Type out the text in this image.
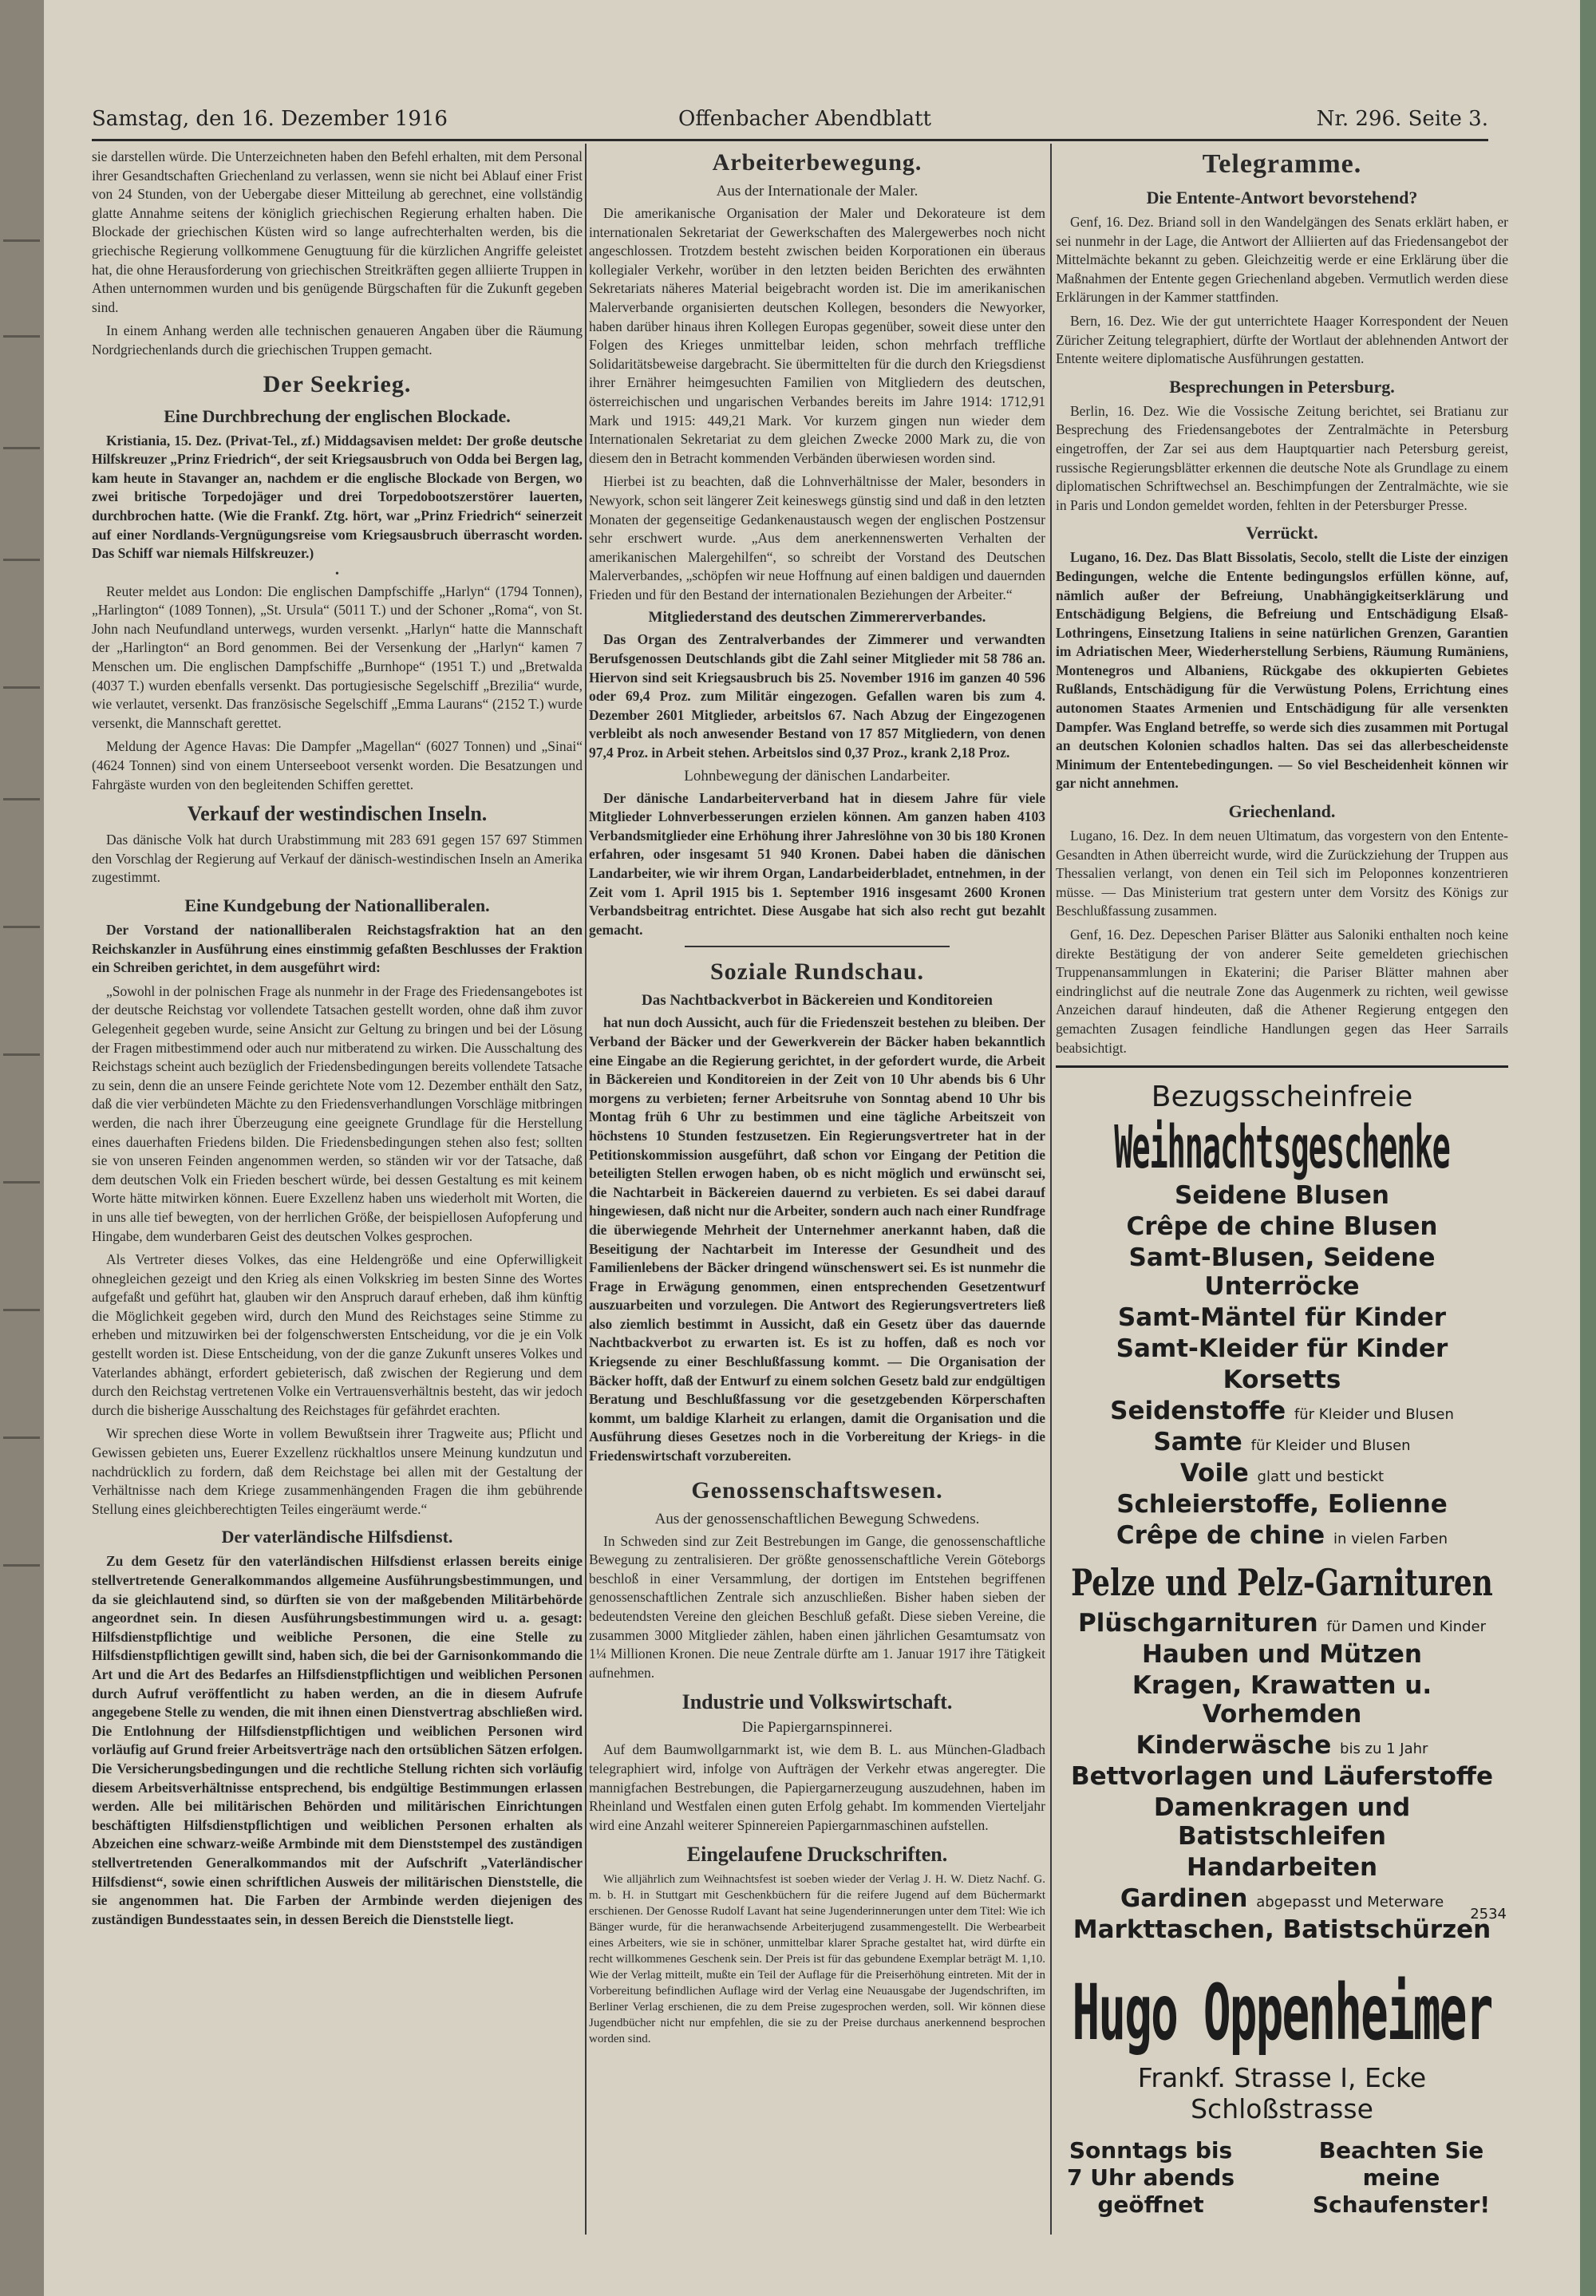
Samstag, den 16. Dezember 1916	Offenbacher Abendblatt	Nr. 296. Seite 3.

sie darstellen würde. Die Unterzeichneten haben den Befehl erhalten, mit dem Personal ihrer Gesandtschaften Griechenland zu verlassen, wenn sie nicht bei Ablauf einer Frist von 24 Stunden, von der Uebergabe dieser Mitteilung ab gerechnet, eine vollständig glatte Annahme seitens der königlich griechischen Regierung erhalten haben. Die Blockade der griechischen Küsten wird so lange aufrechterhalten werden, bis die griechische Regierung vollkommene Genugtuung für die kürzlichen Angriffe geleistet hat, die ohne Herausforderung von griechischen Streitkräften gegen alliierte Truppen in Athen unternommen wurden und bis genügende Bürgschaften für die Zukunft gegeben sind.

In einem Anhang werden alle technischen genaueren Angaben über die Räumung Nordgriechenlands durch die griechischen Truppen gemacht.

Der Seekrieg.
Eine Durchbrechung der englischen Blockade.

Kristiania, 15. Dez. (Privat-Tel., zf.) Middagsavisen meldet: Der große deutsche Hilfskreuzer „Prinz Friedrich“, der seit Kriegsausbruch von Odda bei Bergen lag, kam heute in Stavanger an, nachdem er die englische Blockade von Bergen, wo zwei britische Torpedojäger und drei Torpedobootszerstörer lauerten, durchbrochen hatte. (Wie die Frankf. Ztg. hört, war „Prinz Friedrich“ seinerzeit auf einer Nordlands-Vergnügungsreise vom Kriegsausbruch überrascht worden. Das Schiff war niemals Hilfskreuzer.)

•

Reuter meldet aus London: Die englischen Dampfschiffe „Harlyn“ (1794 Tonnen), „Harlington“ (1089 Tonnen), „St. Ursula“ (5011 T.) und der Schoner „Roma“, von St. John nach Neufundland unterwegs, wurden versenkt. „Harlyn“ hatte die Mannschaft der „Harlington“ an Bord genommen. Bei der Versenkung der „Harlyn“ kamen 7 Menschen um. Die englischen Dampfschiffe „Burnhope“ (1951 T.) und „Bretwalda (4037 T.) wurden ebenfalls versenkt. Das portugiesische Segelschiff „Brezilia“ wurde, wie verlautet, versenkt. Das französische Segelschiff „Emma Laurans“ (2152 T.) wurde versenkt, die Mannschaft gerettet.

Meldung der Agence Havas: Die Dampfer „Magellan“ (6027 Tonnen) und „Sinai“ (4624 Tonnen) sind von einem Unterseeboot versenkt worden. Die Besatzungen und Fahrgäste wurden von den begleitenden Schiffen gerettet.

Verkauf der westindischen Inseln.

Das dänische Volk hat durch Urabstimmung mit 283 691 gegen 157 697 Stimmen den Vorschlag der Regierung auf Verkauf der dänisch-westindischen Inseln an Amerika zugestimmt.

Eine Kundgebung der Nationalliberalen.

Der Vorstand der nationalliberalen Reichstagsfraktion hat an den Reichskanzler in Ausführung eines einstimmig gefaßten Beschlusses der Fraktion ein Schreiben gerichtet, in dem ausgeführt wird:

„Sowohl in der polnischen Frage als nunmehr in der Frage des Friedensangebotes ist der deutsche Reichstag vor vollendete Tatsachen gestellt worden, ohne daß ihm zuvor Gelegenheit gegeben wurde, seine Ansicht zur Geltung zu bringen und bei der Lösung der Fragen mitbestimmend oder auch nur mitberatend zu wirken. Die Ausschaltung des Reichstags scheint auch bezüglich der Friedensbedingungen bereits vollendete Tatsache zu sein, denn die an unsere Feinde gerichtete Note vom 12. Dezember enthält den Satz, daß die vier verbündeten Mächte zu den Friedensverhandlungen Vorschläge mitbringen werden, die nach ihrer Überzeugung eine geeignete Grundlage für die Herstellung eines dauerhaften Friedens bilden. Die Friedensbedingungen stehen also fest; sollten sie von unseren Feinden angenommen werden, so ständen wir vor der Tatsache, daß dem deutschen Volk ein Frieden beschert würde, bei dessen Gestaltung es mit keinem Worte hätte mitwirken können. Euere Exzellenz haben uns wiederholt mit Worten, die in uns alle tief bewegten, von der herrlichen Größe, der beispiellosen Aufopferung und Hingabe, dem wunderbaren Geist des deutschen Volkes gesprochen.

Als Vertreter dieses Volkes, das eine Heldengröße und eine Opferwilligkeit ohnegleichen gezeigt und den Krieg als einen Volkskrieg im besten Sinne des Wortes aufgefaßt und geführt hat, glauben wir den Anspruch darauf erheben, daß ihm künftig die Möglichkeit gegeben wird, durch den Mund des Reichstages seine Stimme zu erheben und mitzuwirken bei der folgenschwersten Entscheidung, vor die je ein Volk gestellt worden ist. Diese Entscheidung, von der die ganze Zukunft unseres Volkes und Vaterlandes abhängt, erfordert gebieterisch, daß zwischen der Regierung und dem durch den Reichstag vertretenen Volke ein Vertrauensverhältnis besteht, das wir jedoch durch die bisherige Ausschaltung des Reichstages für gefährdet erachten.

Wir sprechen diese Worte in vollem Bewußtsein ihrer Tragweite aus; Pflicht und Gewissen gebieten uns, Euerer Exzellenz rückhaltlos unsere Meinung kundzutun und nachdrücklich zu fordern, daß dem Reichstage bei allen mit der Gestaltung der Verhältnisse nach dem Kriege zusammenhängenden Fragen die ihm gebührende Stellung eines gleichberechtigten Teiles eingeräumt werde.“

Der vaterländische Hilfsdienst.

Zu dem Gesetz für den vaterländischen Hilfsdienst erlassen bereits einige stellvertretende Generalkommandos allgemeine Ausführungsbestimmungen, und da sie gleichlautend sind, so dürften sie von der maßgebenden Militärbehörde angeordnet sein. In diesen Ausführungsbestimmungen wird u. a. gesagt: Hilfsdienstpflichtige und weibliche Personen, die eine Stelle zu Hilfsdienstpflichtigen gewillt sind, haben sich, die bei der Garnisonkommando die Art und die Art des Bedarfes an Hilfsdienstpflichtigen und weiblichen Personen durch Aufruf veröffentlicht zu haben werden, an die in diesem Aufrufe angegebene Stelle zu wenden, die mit ihnen einen Dienstvertrag abschließen wird. Die Entlohnung der Hilfsdienstpflichtigen und weiblichen Personen wird vorläufig auf Grund freier Arbeitsverträge nach den ortsüblichen Sätzen erfolgen. Die Versicherungsbedingungen und die rechtliche Stellung richten sich vorläufig diesem Arbeitsverhältnisse entsprechend, bis endgültige Bestimmungen erlassen werden. Alle bei militärischen Behörden und militärischen Einrichtungen beschäftigten Hilfsdienstpflichtigen und weiblichen Personen erhalten als Abzeichen eine schwarz-weiße Armbinde mit dem Dienststempel des zuständigen stellvertretenden Generalkommandos mit der Aufschrift „Vaterländischer Hilfsdienst“, sowie einen schriftlichen Ausweis der militärischen Dienststelle, die sie angenommen hat. Die Farben der Armbinde werden diejenigen des zuständigen Bundesstaates sein, in dessen Bereich die Dienststelle liegt.

Arbeiterbewegung.
Aus der Internationale der Maler.

Die amerikanische Organisation der Maler und Dekorateure ist dem internationalen Sekretariat der Gewerkschaften des Malergewerbes noch nicht angeschlossen. Trotzdem besteht zwischen beiden Korporationen ein überaus kollegialer Verkehr, worüber in den letzten beiden Berichten des erwähnten Sekretariats näheres Material beigebracht worden ist. Die im amerikanischen Malerverbande organisierten deutschen Kollegen, besonders die Newyorker, haben darüber hinaus ihren Kollegen Europas gegenüber, soweit diese unter den Folgen des Krieges unmittelbar leiden, schon mehrfach treffliche Solidaritätsbeweise dargebracht. Sie übermittelten für die durch den Kriegsdienst ihrer Ernährer heimgesuchten Familien von Mitgliedern des deutschen, österreichischen und ungarischen Verbandes bereits im Jahre 1914: 1712,91 Mark und 1915: 449,21 Mark. Vor kurzem gingen nun wieder dem Internationalen Sekretariat zu dem gleichen Zwecke 2000 Mark zu, die von diesem den in Betracht kommenden Verbänden überwiesen worden sind.

Hierbei ist zu beachten, daß die Lohnverhältnisse der Maler, besonders in Newyork, schon seit längerer Zeit keineswegs günstig sind und daß in den letzten Monaten der gegenseitige Gedankenaustausch wegen der englischen Postzensur sehr erschwert wurde. „Aus dem anerkennenswerten Verhalten der amerikanischen Malergehilfen“, so schreibt der Vorstand des Deutschen Malerverbandes, „schöpfen wir neue Hoffnung auf einen baldigen und dauernden Frieden und für den Bestand der internationalen Beziehungen der Arbeiter.“

Mitgliederstand des deutschen Zimmererverbandes.

Das Organ des Zentralverbandes der Zimmerer und verwandten Berufsgenossen Deutschlands gibt die Zahl seiner Mitglieder mit 58 786 an. Hiervon sind seit Kriegsausbruch bis 25. November 1916 im ganzen 40 596 oder 69,4 Proz. zum Militär eingezogen. Gefallen waren bis zum 4. Dezember 2601 Mitglieder, arbeitslos 67. Nach Abzug der Eingezogenen verbleibt als noch anwesender Bestand von 17 857 Mitgliedern, von denen 97,4 Proz. in Arbeit stehen. Arbeitslos sind 0,37 Proz., krank 2,18 Proz.

Lohnbewegung der dänischen Landarbeiter.

Der dänische Landarbeiterverband hat in diesem Jahre für viele Mitglieder Lohnverbesserungen erzielen können. Am ganzen haben 4103 Verbandsmitglieder eine Erhöhung ihrer Jahreslöhne von 30 bis 180 Kronen erfahren, oder insgesamt 51 940 Kronen. Dabei haben die dänischen Landarbeiter, wie wir ihrem Organ, Landarbeiderbladet, entnehmen, in der Zeit vom 1. April 1915 bis 1. September 1916 insgesamt 2600 Kronen Verbandsbeitrag entrichtet. Diese Ausgabe hat sich also recht gut bezahlt gemacht.

Soziale Rundschau.
Das Nachtbackverbot in Bäckereien und Konditoreien

hat nun doch Aussicht, auch für die Friedenszeit bestehen zu bleiben. Der Verband der Bäcker und der Gewerkverein der Bäcker haben bekanntlich eine Eingabe an die Regierung gerichtet, in der gefordert wurde, die Arbeit in Bäckereien und Konditoreien in der Zeit von 10 Uhr abends bis 6 Uhr morgens zu verbieten; ferner Arbeitsruhe von Sonntag abend 10 Uhr bis Montag früh 6 Uhr zu bestimmen und eine tägliche Arbeitszeit von höchstens 10 Stunden festzusetzen. Ein Regierungsvertreter hat in der Petitionskommission ausgeführt, daß schon vor Eingang der Petition die beteiligten Stellen erwogen haben, ob es nicht möglich und erwünscht sei, die Nachtarbeit in Bäckereien dauernd zu verbieten. Es sei dabei darauf hingewiesen, daß nicht nur die Arbeiter, sondern auch nach einer Rundfrage die überwiegende Mehrheit der Unternehmer anerkannt haben, daß die Beseitigung der Nachtarbeit im Interesse der Gesundheit und des Familienlebens der Bäcker dringend wünschenswert sei. Es ist nunmehr die Frage in Erwägung genommen, einen entsprechenden Gesetzentwurf auszuarbeiten und vorzulegen. Die Antwort des Regierungsvertreters ließ also ziemlich bestimmt in Aussicht, daß ein Gesetz über das dauernde Nachtbackverbot zu erwarten ist. Es ist zu hoffen, daß es noch vor Kriegsende zu einer Beschlußfassung kommt. — Die Organisation der Bäcker hofft, daß der Entwurf zu einem solchen Gesetz bald zur endgültigen Beratung und Beschlußfassung vor die gesetzgebenden Körperschaften kommt, um baldige Klarheit zu erlangen, damit die Organisation und die Ausführung dieses Gesetzes noch in die Vorbereitung der Kriegs- in die Friedenswirtschaft vorzubereiten.

Genossenschaftswesen.
Aus der genossenschaftlichen Bewegung Schwedens.

In Schweden sind zur Zeit Bestrebungen im Gange, die genossenschaftliche Bewegung zu zentralisieren. Der größte genossenschaftliche Verein Göteborgs beschloß in einer Versammlung, der dortigen im Entstehen begriffenen genossenschaftlichen Zentrale sich anzuschließen. Bisher haben sieben der bedeutendsten Vereine den gleichen Beschluß gefaßt. Diese sieben Vereine, die zusammen 3000 Mitglieder zählen, haben einen jährlichen Gesamtumsatz von 1¼ Millionen Kronen. Die neue Zentrale dürfte am 1. Januar 1917 ihre Tätigkeit aufnehmen.

Industrie und Volkswirtschaft.
Die Papiergarnspinnerei.

Auf dem Baumwollgarnmarkt ist, wie dem B. L. aus München-Gladbach telegraphiert wird, infolge von Aufträgen der Verkehr etwas angeregter. Die mannigfachen Bestrebungen, die Papiergarnerzeugung auszudehnen, haben im Rheinland und Westfalen einen guten Erfolg gehabt. Im kommenden Vierteljahr wird eine Anzahl weiterer Spinnereien Papiergarnmaschinen aufstellen.

Eingelaufene Druckschriften.

Wie alljährlich zum Weihnachtsfest ist soeben wieder der Verlag J. H. W. Dietz Nachf. G. m. b. H. in Stuttgart mit Geschenkbüchern für die reifere Jugend auf dem Büchermarkt erschienen. Der Genosse Rudolf Lavant hat seine Jugenderinnerungen unter dem Titel: Wie ich Bänger wurde, für die heranwachsende Arbeiterjugend zusammengestellt. Die Werbearbeit eines Arbeiters, wie sie in schöner, unmittelbar klarer Sprache gestaltet hat, wird dürfte ein recht willkommenes Geschenk sein. Der Preis ist für das gebundene Exemplar beträgt M. 1,10. Wie der Verlag mitteilt, mußte ein Teil der Auflage für die Preiserhöhung eintreten. Mit der in Vorbereitung befindlichen Auflage wird der Verlag eine Neuausgabe der Jugendschriften, im Berliner Verlag erschienen, die zu dem Preise zugesprochen werden, soll. Wir können diese Jugendbücher nicht nur empfehlen, die sie zu der Preise durchaus anerkennend besprochen worden sind.

Telegramme.
Die Entente-Antwort bevorstehend?

Genf, 16. Dez. Briand soll in den Wandelgängen des Senats erklärt haben, er sei nunmehr in der Lage, die Antwort der Alliierten auf das Friedensangebot der Mittelmächte bekannt zu geben. Gleichzeitig werde er eine Erklärung über die Maßnahmen der Entente gegen Griechenland abgeben. Vermutlich werden diese Erklärungen in der Kammer stattfinden.

Bern, 16. Dez. Wie der gut unterrichtete Haager Korrespondent der Neuen Züricher Zeitung telegraphiert, dürfte der Wortlaut der ablehnenden Antwort der Entente weitere diplomatische Ausführungen gestatten.

Besprechungen in Petersburg.

Berlin, 16. Dez. Wie die Vossische Zeitung berichtet, sei Bratianu zur Besprechung des Friedensangebotes der Zentralmächte in Petersburg eingetroffen, der Zar sei aus dem Hauptquartier nach Petersburg gereist, russische Regierungsblätter erkennen die deutsche Note als Grundlage zu einem diplomatischen Schriftwechsel an. Beschimpfungen der Zentralmächte, wie sie in Paris und London gemeldet worden, fehlten in der Petersburger Presse.

Verrückt.

Lugano, 16. Dez. Das Blatt Bissolatis, Secolo, stellt die Liste der einzigen Bedingungen, welche die Entente bedingungslos erfüllen könne, auf, nämlich außer der Befreiung, Unabhängigkeitserklärung und Entschädigung Belgiens, die Befreiung und Entschädigung Elsaß-Lothringens, Einsetzung Italiens in seine natürlichen Grenzen, Garantien im Adriatischen Meer, Wiederherstellung Serbiens, Räumung Rumäniens, Montenegros und Albaniens, Rückgabe des okkupierten Gebietes Rußlands, Entschädigung für die Verwüstung Polens, Errichtung eines autonomen Staates Armenien und Entschädigung für alle versenkten Dampfer. Was England betreffe, so werde sich dies zusammen mit Portugal an deutschen Kolonien schadlos halten. Das sei das allerbescheidenste Minimum der Ententebedingungen. — So viel Bescheidenheit können wir gar nicht annehmen.

Griechenland.

Lugano, 16. Dez. In dem neuen Ultimatum, das vorgestern von den Entente-Gesandten in Athen überreicht wurde, wird die Zurückziehung der Truppen aus Thessalien verlangt, von denen ein Teil sich im Peloponnes konzentrieren müsse. — Das Ministerium trat gestern unter dem Vorsitz des Königs zur Beschlußfassung zusammen.

Genf, 16. Dez. Depeschen Pariser Blätter aus Saloniki enthalten noch keine direkte Bestätigung der von anderer Seite gemeldeten griechischen Truppenansammlungen in Ekaterini; die Pariser Blätter mahnen aber eindringlichst auf die neutrale Zone das Augenmerk zu richten, weil gewisse Anzeichen darauf hindeuten, daß die Athener Regierung entgegen den gemachten Zusagen feindliche Handlungen gegen das Heer Sarrails beabsichtigt.

Bezugsscheinfreie
Weihnachtsgeschenke
Seidene Blusen
Crêpe de chine Blusen
Samt-Blusen, Seidene Unterröcke
Samt-Mäntel für Kinder
Samt-Kleider für Kinder
Korsetts
Seidenstoffe für Kleider und Blusen
Samte für Kleider und Blusen
Voile glatt und bestickt
Schleierstoffe, Eolienne
Crêpe de chine in vielen Farben
Pelze und Pelz-Garnituren
Plüschgarnituren für Damen und Kinder
Hauben und Mützen
Kragen, Krawatten u. Vorhemden
Kinderwäsche bis zu 1 Jahr
Bettvorlagen und Läuferstoffe
Damenkragen und Batistschleifen
Handarbeiten
Gardinen abgepasst und Meterware
Markttaschen, Batistschürzen
2534
Hugo Oppenheimer
Frankf. Strasse I, Ecke Schloßstrasse
Sonntags bis 7 Uhr abends geöffnet
Beachten Sie meine Schaufenster!
